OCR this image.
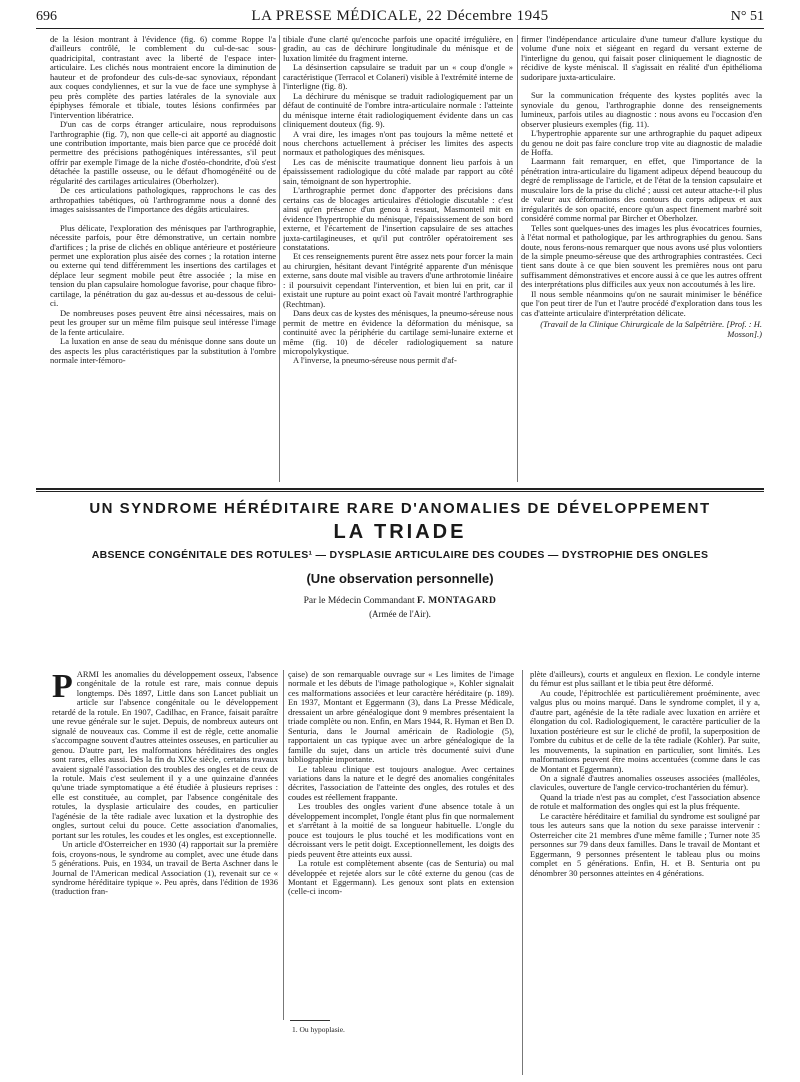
696	LA PRESSE MÉDICALE, 22 Décembre 1945	N° 51

de la lésion montrant à l'évidence (fig. 6) comme Roppe l'a d'ailleurs contrôlé, le comblement du cul-de-sac sous-quadricipital, contrastant avec la liberté de l'espace inter-articulaire. Les clichés nous montraient encore la diminution de hauteur et de profondeur des culs-de-sac synoviaux, répondant aux coques condyliennes, et sur la vue de face une symphyse à peu près complète des parties latérales de la synoviale aux épiphyses fémorale et tibiale, toutes lésions confirmées par l'intervention libératrice.

D'un cas de corps étranger articulaire, nous reproduisons l'arthrographie (fig. 7), non que celle-ci ait apporté au diagnostic une contribution importante, mais bien parce que ce procédé doit permettre des précisions pathogéniques intéressantes, s'il peut offrir par exemple l'image de la niche d'ostéo-chondrite, d'où s'est détachée la pastille osseuse, ou le défaut d'homogénéité ou de régularité des cartilages articulaires (Oberholzer).

De ces articulations pathologiques, rapprochons le cas des arthropathies tabétiques, où l'arthrogramme nous a donné des images saisissantes de l'importance des dégâts articulaires.

Plus délicate, l'exploration des ménisques par l'arthrographie, nécessite parfois, pour être démonstrative, un certain nombre d'artifices ; la prise de clichés en oblique antérieure et postérieure permet une exploration plus aisée des cornes ; la rotation interne ou externe qui tend différemment les insertions des cartilages et déplace leur segment mobile peut être associée ; la mise en tension du plan capsulaire homologue favorise, pour chaque fibro-cartilage, la pénétration du gaz au-dessus et au-dessous de celui-ci.

De nombreuses poses peuvent être ainsi nécessaires, mais on peut les grouper sur un même film puisque seul intéresse l'image de la fente articulaire.

La luxation en anse de seau du ménisque donne sans doute un des aspects les plus caractéristiques par la substitution à l'ombre normale inter-fémoro-

tibiale d'une clarté qu'encoche parfois une opacité irrégulière, en gradin, au cas de déchirure longitudinale du ménisque et de luxation limitée du fragment interne.

La désinsertion capsulaire se traduit par un « coup d'ongle » caractéristique (Terracol et Colaneri) visible à l'extrémité interne de l'interligne (fig. 8).

La déchirure du ménisque se traduit radiologiquement par un défaut de continuité de l'ombre intra-articulaire normale : l'atteinte du ménisque interne était radiologiquement évidente dans un cas cliniquement douteux (fig. 9).

A vrai dire, les images n'ont pas toujours la même netteté et nous cherchons actuellement à préciser les limites des aspects normaux et pathologiques des ménisques.

Les cas de méniscite traumatique donnent lieu parfois à un épaississement radiologique du côté malade par rapport au côté sain, témoignant de son hypertrophie.

L'arthrographie permet donc d'apporter des précisions dans certains cas de blocages articulaires d'étiologie discutable : c'est ainsi qu'en présence d'un genou à ressaut, Masmonteil mit en évidence l'hypertrophie du ménisque, l'épaississement de son bord externe, et l'écartement de l'insertion capsulaire de ses attaches juxta-cartilagineuses, et qu'il put contrôler opératoirement ses constatations.

Et ces renseignements purent être assez nets pour forcer la main au chirurgien, hésitant devant l'intégrité apparente d'un ménisque externe, sans doute mal visible au travers d'une arthrotomie linéaire : il poursuivit cependant l'intervention, et bien lui en prit, car il existait une rupture au point exact où l'avait montré l'arthrographie (Rechtman).

Dans deux cas de kystes des ménisques, la pneumo-séreuse nous permit de mettre en évidence la déformation du ménisque, sa continuité avec la périphérie du cartilage semi-lunaire externe et même (fig. 10) de déceler radiologiquement sa nature micropolykystique.

A l'inverse, la pneumo-séreuse nous permit d'af-

firmer l'indépendance articulaire d'une tumeur d'allure kystique du volume d'une noix et siégeant en regard du versant externe de l'interligne du genou, qui faisait poser cliniquement le diagnostic de récidive de kyste méniscal. Il s'agissait en réalité d'un épithélioma sudoripare juxta-articulaire.

Sur la communication fréquente des kystes poplités avec la synoviale du genou, l'arthrographie donne des renseignements lumineux, parfois utiles au diagnostic : nous avons eu l'occasion d'en observer plusieurs exemples (fig. 11).

L'hypertrophie apparente sur une arthrographie du paquet adipeux du genou ne doit pas faire conclure trop vite au diagnostic de maladie de Hoffa.

Laarmann fait remarquer, en effet, que l'importance de la pénétration intra-articulaire du ligament adipeux dépend beaucoup du degré de remplissage de l'article, et de l'état de la tension capsulaire et musculaire lors de la prise du cliché ; aussi cet auteur attache-t-il plus de valeur aux déformations des contours du corps adipeux et aux irrégularités de son opacité, encore qu'un aspect finement marbré soit considéré comme normal par Bircher et Oberholzer.

Telles sont quelques-unes des images les plus évocatrices fournies, à l'état normal et pathologique, par les arthrographies du genou. Sans doute, nous ferons-nous remarquer que nous avons usé plus volontiers de la simple pneumo-séreuse que des arthrographies contrastées. Ceci tient sans doute à ce que bien souvent les premières nous ont paru suffisamment démonstratives et encore aussi à ce que les autres offrent des interprétations plus difficiles aux yeux non accoutumés à les lire.

Il nous semble néanmoins qu'on ne saurait minimiser le bénéfice que l'on peut tirer de l'un et l'autre procédé d'exploration dans tous les cas d'atteinte articulaire d'interprétation délicate.

(Travail de la Clinique Chirurgicale de la Salpêtrière. [Prof. : H. Mosson].)

UN SYNDROME HÉRÉDITAIRE RARE D'ANOMALIES DE DÉVELOPPEMENT
LA TRIADE
ABSENCE CONGÉNITALE DES ROTULES¹ — DYSPLASIE ARTICULAIRE DES COUDES — DYSTROPHIE DES ONGLES
(Une observation personnelle)
Par le Médecin Commandant F. MONTAGARD
(Armée de l'Air).

PARMI les anomalies du développement osseux, l'absence congénitale de la rotule est rare, mais connue depuis longtemps. Dès 1897, Little dans son Lancet publiait un article sur l'absence congénitale ou le développement retardé de la rotule. En 1907, Cadilhac, en France, faisait paraître une revue générale sur le sujet. Depuis, de nombreux auteurs ont signalé de nouveaux cas. Comme il est de règle, cette anomalie s'accompagne souvent d'autres atteintes osseuses, en particulier au genou. D'autre part, les malformations héréditaires des ongles sont rares, elles aussi. Dès la fin du XIXe siècle, certains travaux avaient signalé l'association des troubles des ongles et de ceux de la rotule. Mais c'est seulement il y a une quinzaine d'années qu'une triade symptomatique a été étudiée à plusieurs reprises : elle est constituée, au complet, par l'absence congénitale des rotules, la dysplasie articulaire des coudes, en particulier l'agénésie de la tête radiale avec luxation et la dystrophie des ongles, surtout celui du pouce. Cette association d'anomalies, portant sur les rotules, les coudes et les ongles, est exceptionnelle.

Un article d'Osterreicher en 1930 (4) rapportait sur la première fois, croyons-nous, le syndrome au complet, avec une étude dans 5 générations. Puis, en 1934, un travail de Berta Aschner dans le Journal de l'American medical Association (1), revenait sur ce « syndrome héréditaire typique ». Peu après, dans l'édition de 1936 (traduction fran-

çaise) de son remarquable ouvrage sur « Les limites de l'image normale et les débuts de l'image pathologique », Kohler signalait ces malformations associées et leur caractère héréditaire (p. 189). En 1937, Montant et Eggermann (3), dans La Presse Médicale, dressaient un arbre généalogique dont 9 membres présentaient la triade complète ou non. Enfin, en Mars 1944, R. Hyman et Ben D. Senturia, dans le Journal américain de Radiologie (5), rapportaient un cas typique avec un arbre généalogique de la famille du sujet, dans un article très documenté suivi d'une bibliographie importante.

Le tableau clinique est toujours analogue. Avec certaines variations dans la nature et le degré des anomalies congénitales décrites, l'association de l'atteinte des ongles, des rotules et des coudes est réellement frappante.

Les troubles des ongles varient d'une absence totale à un développement incomplet, l'ongle étant plus fin que normalement et s'arrêtant à la moitié de sa longueur habituelle. L'ongle du pouce est toujours le plus touché et les modifications vont en décroissant vers le petit doigt. Exceptionnellement, les doigts des pieds peuvent être atteints eux aussi.

La rotule est complètement absente (cas de Senturia) ou mal développée et rejetée alors sur le côté externe du genou (cas de Montant et Eggermann). Les genoux sont plats en extension (celle-ci incom-

1. Ou hypoplasie.

plète d'ailleurs), courts et anguleux en flexion. Le condyle interne du fémur est plus saillant et le tibia peut être déformé.

Au coude, l'épitrochlée est particulièrement proéminente, avec valgus plus ou moins marqué. Dans le syndrome complet, il y a, d'autre part, agénésie de la tête radiale avec luxation en arrière et élongation du col. Radiologiquement, le caractère particulier de la luxation postérieure est sur le cliché de profil, la superposition de l'ombre du cubitus et de celle de la tête radiale (Kohler). Par suite, les mouvements, la supination en particulier, sont limités. Les malformations peuvent être moins accentuées (comme dans le cas de Montant et Eggermann).

On a signalé d'autres anomalies osseuses associées (malléoles, clavicules, ouverture de l'angle cervico-trochantérien du fémur).

Quand la triade n'est pas au complet, c'est l'association absence de rotule et malformation des ongles qui est la plus fréquente.

Le caractère héréditaire et familial du syndrome est souligné par tous les auteurs sans que la notion du sexe paraisse intervenir : Osterreicher cite 21 membres d'une même famille ; Turner note 35 personnes sur 79 dans deux familles. Dans le travail de Montant et Eggermann, 9 personnes présentent le tableau plus ou moins complet en 5 générations. Enfin, H. et B. Senturia ont pu dénombrer 30 personnes atteintes en 4 générations.
